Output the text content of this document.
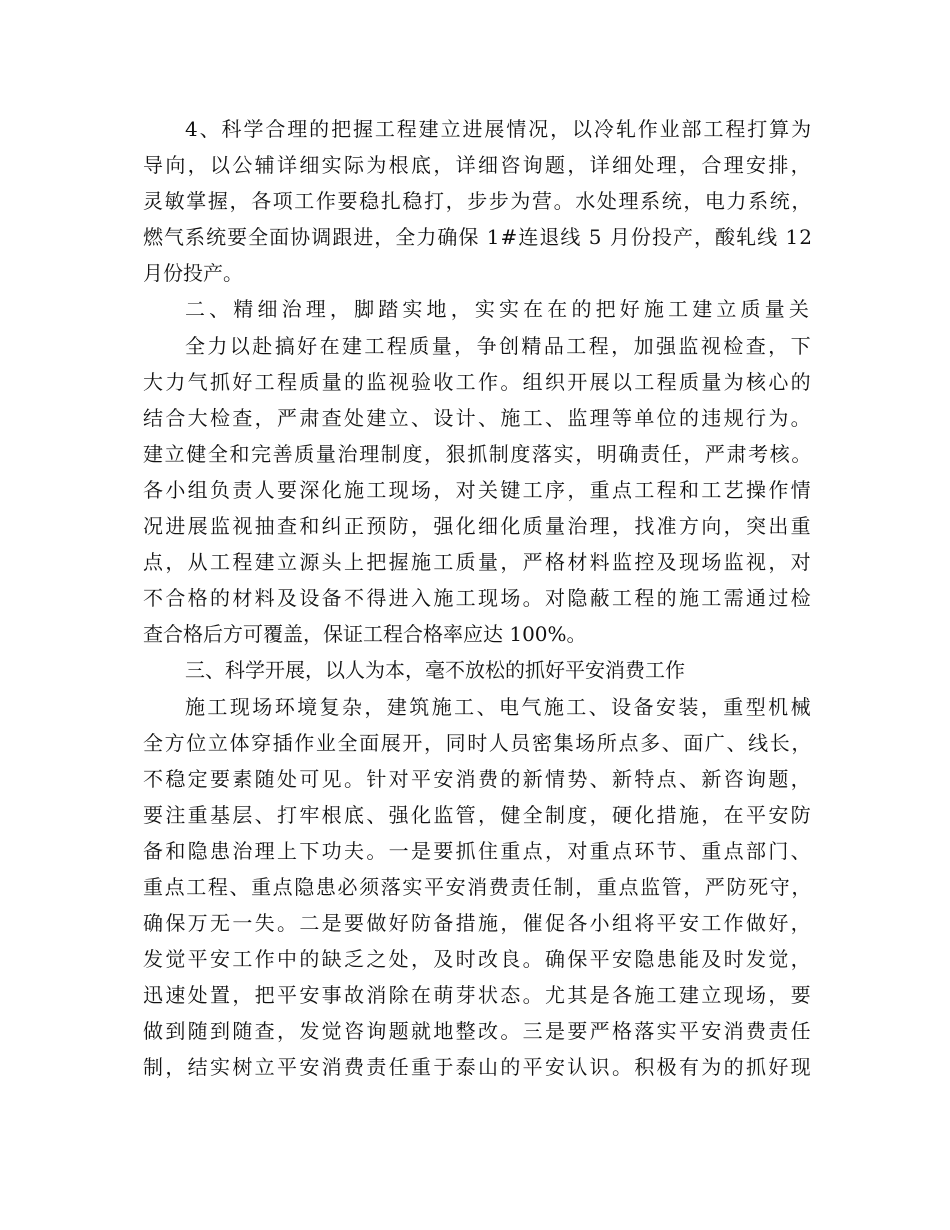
4、科学合理的把握工程建立进展情况，以冷轧作业部工程打算为
导向，以公辅详细实际为根底，详细咨询题，详细处理，合理安排，
灵敏掌握，各项工作要稳扎稳打，步步为营。水处理系统，电力系统，
燃气系统要全面协调跟进，全力确保 1#连退线 5 月份投产，酸轧线 12
月份投产。
二、精细治理，脚踏实地，实实在在的把好施工建立质量关
全力以赴搞好在建工程质量，争创精品工程，加强监视检查，下
大力气抓好工程质量的监视验收工作。组织开展以工程质量为核心的
结合大检查，严肃查处建立、设计、施工、监理等单位的违规行为。
建立健全和完善质量治理制度，狠抓制度落实，明确责任，严肃考核。
各小组负责人要深化施工现场，对关键工序，重点工程和工艺操作情
况进展监视抽查和纠正预防，强化细化质量治理，找准方向，突出重
点，从工程建立源头上把握施工质量，严格材料监控及现场监视，对
不合格的材料及设备不得进入施工现场。对隐蔽工程的施工需通过检
查合格后方可覆盖，保证工程合格率应达 100%。
三、科学开展，以人为本，毫不放松的抓好平安消费工作
施工现场环境复杂，建筑施工、电气施工、设备安装，重型机械
全方位立体穿插作业全面展开，同时人员密集场所点多、面广、线长，
不稳定要素随处可见。针对平安消费的新情势、新特点、新咨询题，
要注重基层、打牢根底、强化监管，健全制度，硬化措施，在平安防
备和隐患治理上下功夫。一是要抓住重点，对重点环节、重点部门、
重点工程、重点隐患必须落实平安消费责任制，重点监管，严防死守，
确保万无一失。二是要做好防备措施，催促各小组将平安工作做好，
发觉平安工作中的缺乏之处，及时改良。确保平安隐患能及时发觉，
迅速处置，把平安事故消除在萌芽状态。尤其是各施工建立现场，要
做到随到随查，发觉咨询题就地整改。三是要严格落实平安消费责任
制，结实树立平安消费责任重于泰山的平安认识。积极有为的抓好现
